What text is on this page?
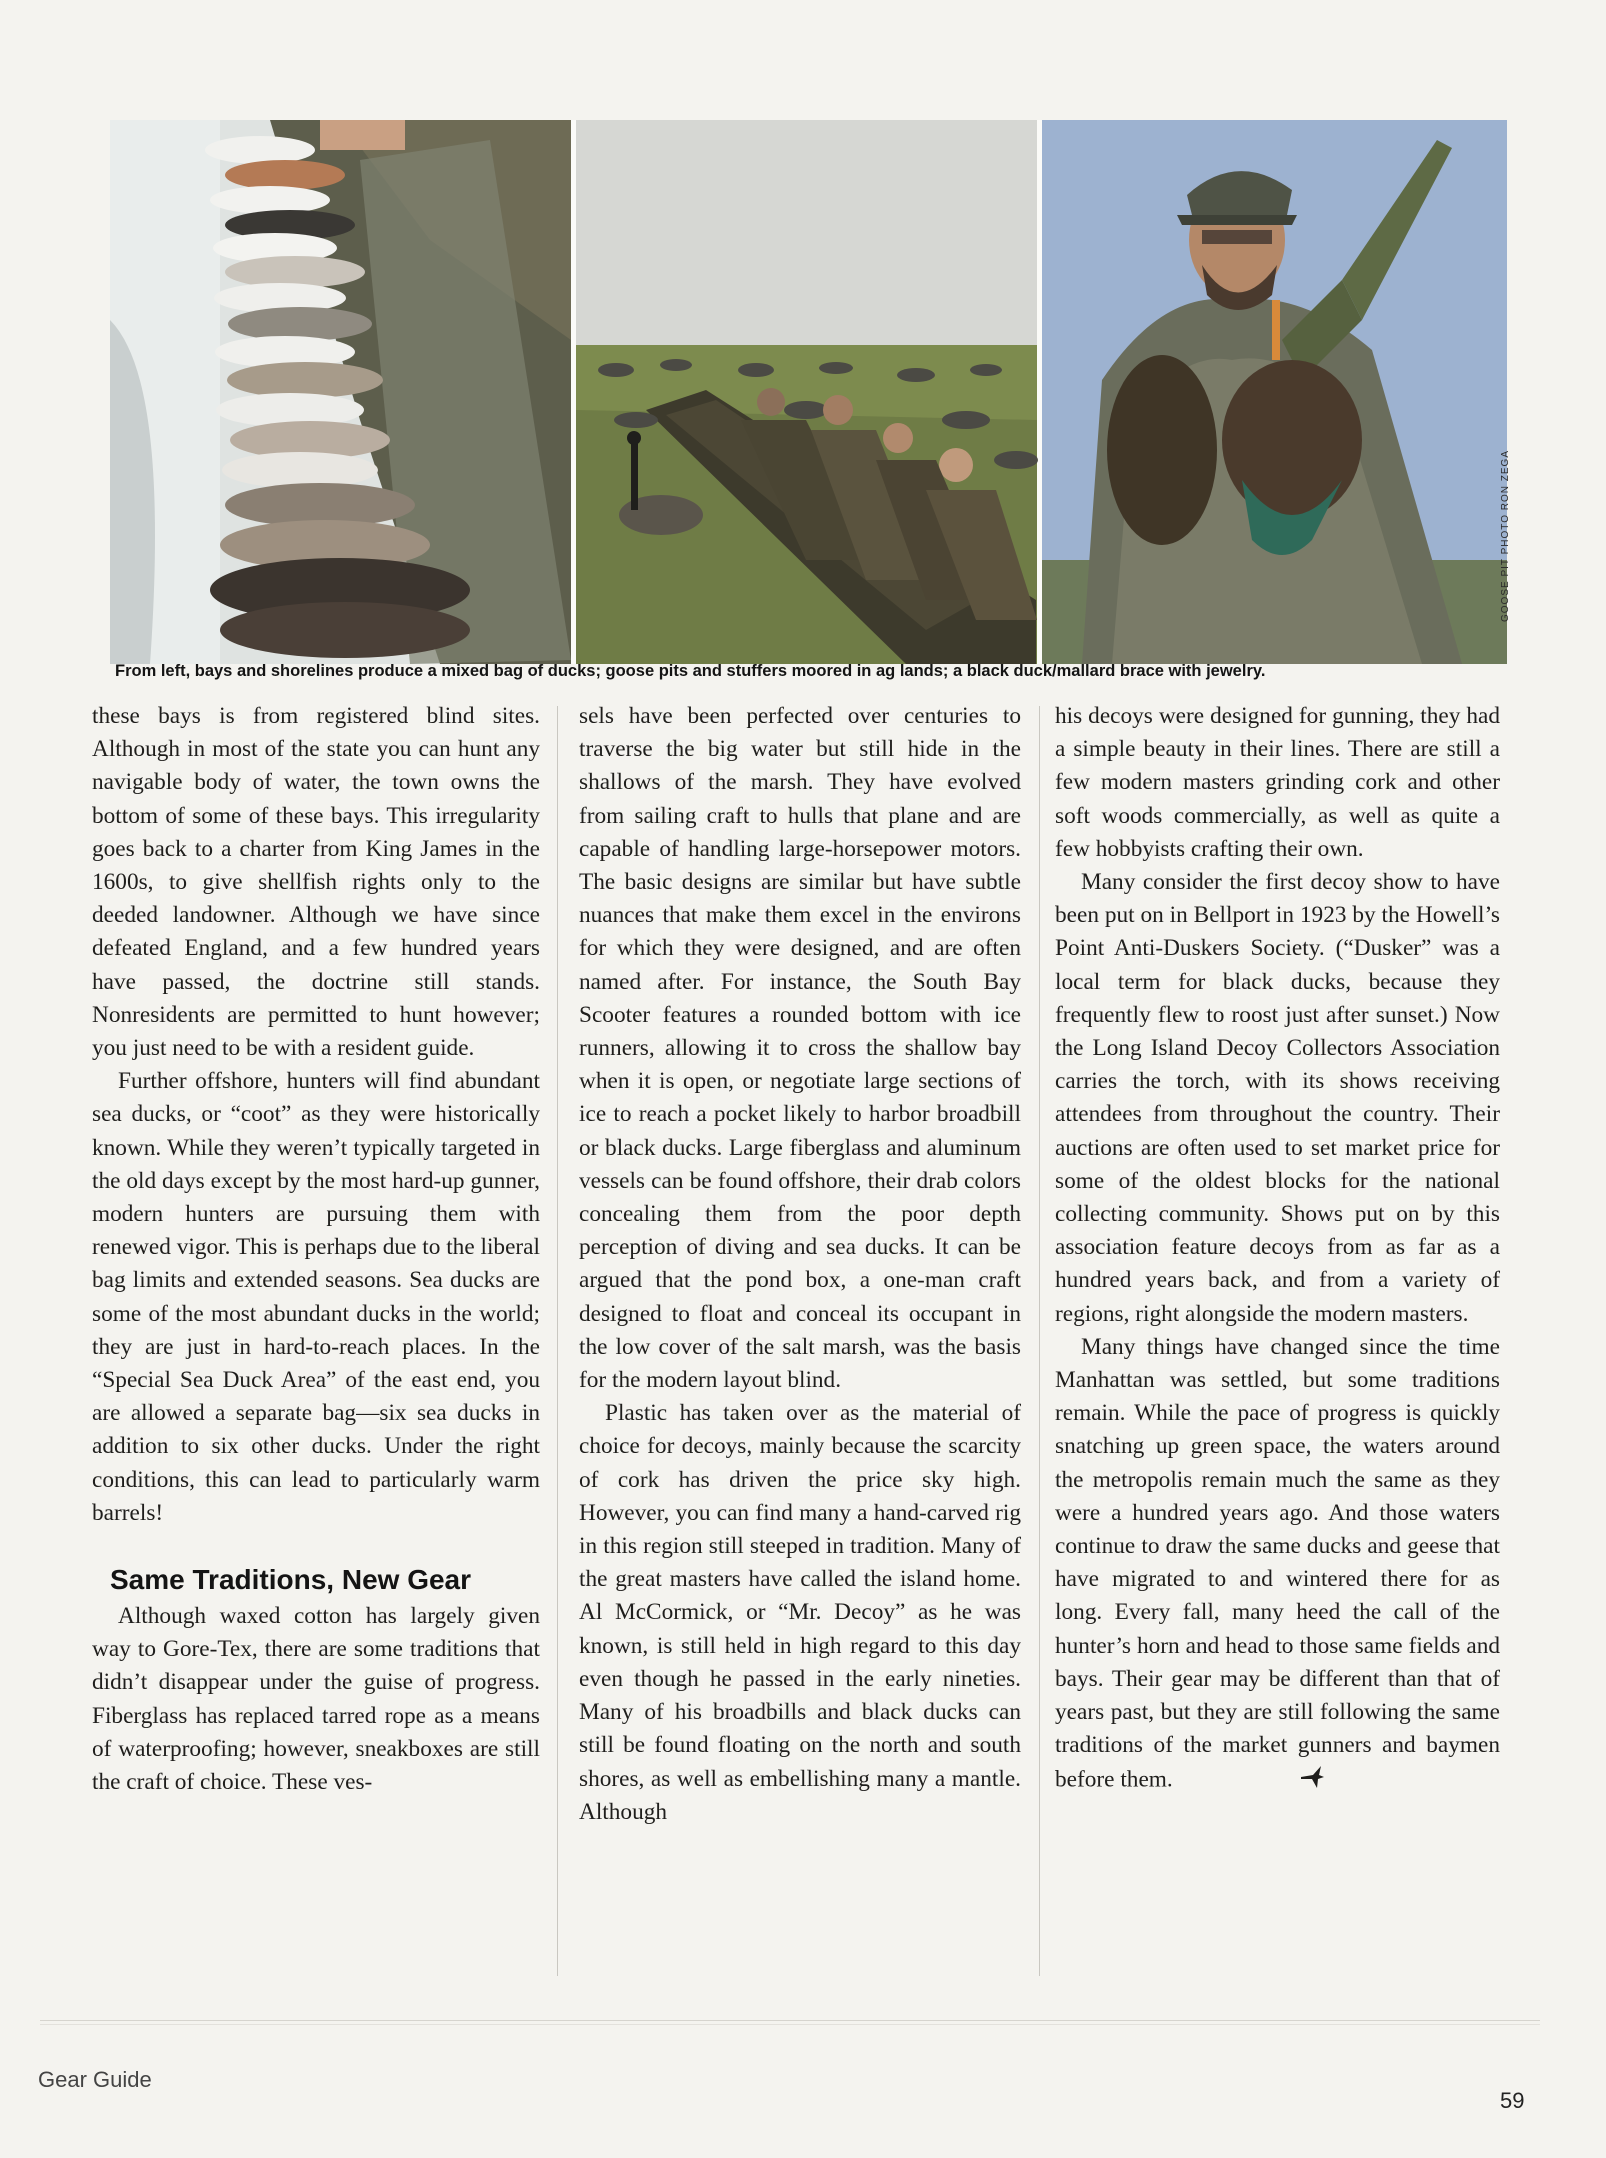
GOOSE PIT PHOTO RON ZEGA
From left, bays and shorelines produce a mixed bag of ducks; goose pits and stuffers moored in ag lands; a black duck/mallard brace with jewelry.

these bays is from registered blind sites. Although in most of the state you can hunt any navigable body of water, the town owns the bottom of some of these bays. This irregularity goes back to a charter from King James in the 1600s, to give shellfish rights only to the deeded landowner. Although we have since defeated England, and a few hundred years have passed, the doctrine still stands. Nonresidents are permitted to hunt however; you just need to be with a resident guide.

Further offshore, hunters will find abundant sea ducks, or “coot” as they were historically known. While they weren’t typically targeted in the old days except by the most hard-up gunner, modern hunters are pursuing them with renewed vigor. This is perhaps due to the liberal bag limits and extended seasons. Sea ducks are some of the most abundant ducks in the world; they are just in hard-to-reach places. In the “Special Sea Duck Area” of the east end, you are allowed a separate bag—six sea ducks in addition to six other ducks. Under the right conditions, this can lead to particularly warm barrels!

Same Traditions, New Gear

Although waxed cotton has largely given way to Gore-Tex, there are some traditions that didn’t disappear under the guise of progress. Fiberglass has replaced tarred rope as a means of waterproofing; however, sneakboxes are still the craft of choice. These ves-

sels have been perfected over centuries to traverse the big water but still hide in the shallows of the marsh. They have evolved from sailing craft to hulls that plane and are capable of handling large-horsepower motors. The basic designs are similar but have subtle nuances that make them excel in the environs for which they were designed, and are often named after. For instance, the South Bay Scooter features a rounded bottom with ice runners, allowing it to cross the shallow bay when it is open, or negotiate large sections of ice to reach a pocket likely to harbor broadbill or black ducks. Large fiberglass and aluminum vessels can be found offshore, their drab colors concealing them from the poor depth perception of diving and sea ducks. It can be argued that the pond box, a one-man craft designed to float and conceal its occupant in the low cover of the salt marsh, was the basis for the modern layout blind.

Plastic has taken over as the material of choice for decoys, mainly because the scarcity of cork has driven the price sky high. However, you can find many a hand-carved rig in this region still steeped in tradition. Many of the great masters have called the island home. Al McCormick, or “Mr. Decoy” as he was known, is still held in high regard to this day even though he passed in the early nineties. Many of his broadbills and black ducks can still be found floating on the north and south shores, as well as embellishing many a mantle. Although

his decoys were designed for gunning, they had a simple beauty in their lines. There are still a few modern masters grinding cork and other soft woods commercially, as well as quite a few hobbyists crafting their own.

Many consider the first decoy show to have been put on in Bellport in 1923 by the Howell’s Point Anti-Duskers Society. (“Dusker” was a local term for black ducks, because they frequently flew to roost just after sunset.) Now the Long Island Decoy Collectors Association carries the torch, with its shows receiving attendees from throughout the country. Their auctions are often used to set market price for some of the oldest blocks for the national collecting community. Shows put on by this association feature decoys from as far as a hundred years back, and from a variety of regions, right alongside the modern masters.

Many things have changed since the time Manhattan was settled, but some traditions remain. While the pace of progress is quickly snatching up green space, the waters around the metropolis remain much the same as they were a hundred years ago. And those waters continue to draw the same ducks and geese that have migrated to and wintered there for as long. Every fall, many heed the call of the hunter’s horn and head to those same fields and bays. Their gear may be different than that of years past, but they are still following the same traditions of the market gunners and baymen before them.

Gear Guide
59
